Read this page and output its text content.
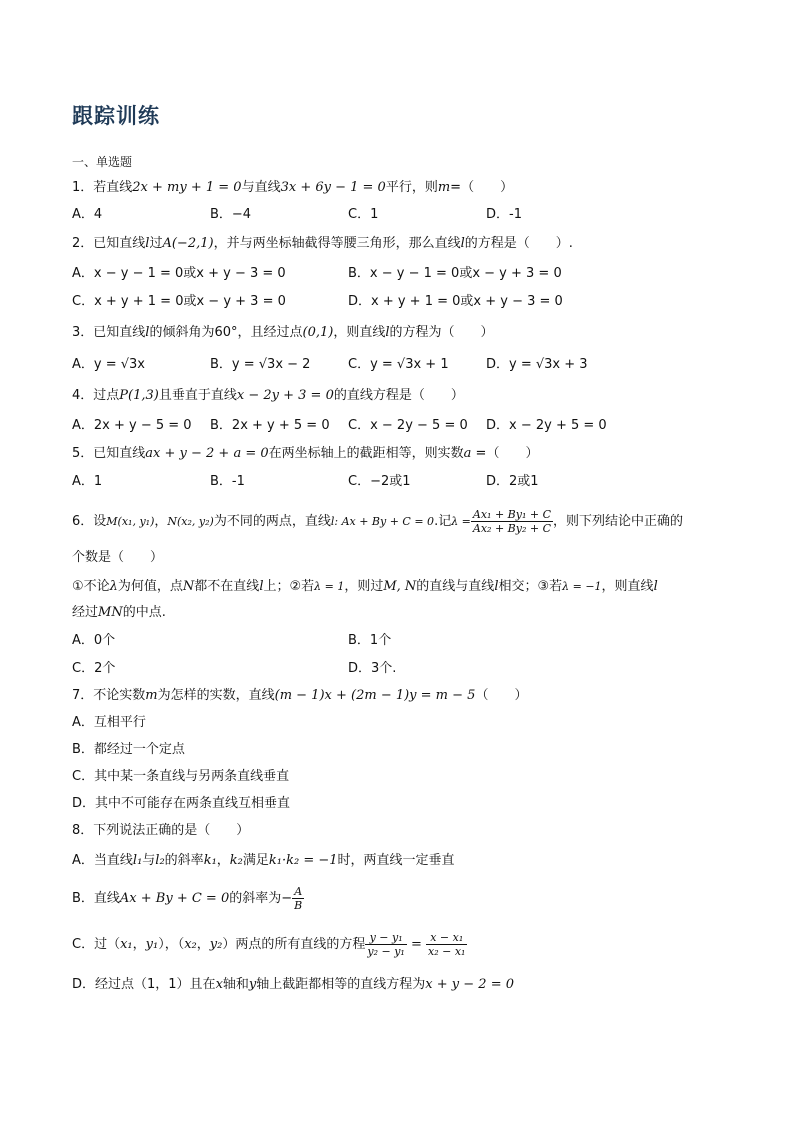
跟踪训练
一、单选题
1．若直线2x + my + 1 = 0与直线3x + 6y − 1 = 0平行，则m=（　　）
A．4	B．−4	C．1	D．-1
2．已知直线l过A(−2,1)，并与两坐标轴截得等腰三角形，那么直线l的方程是（　　）.
A．x − y − 1 = 0或x + y − 3 = 0	B．x − y − 1 = 0或x − y + 3 = 0
C．x + y + 1 = 0或x − y + 3 = 0	D．x + y + 1 = 0或x + y − 3 = 0
3．已知直线l的倾斜角为60°，且经过点(0,1)，则直线l的方程为（　　）
A．y = √3x	B．y = √3x − 2	C．y = √3x + 1	D．y = √3x + 3
4．过点P(1,3)且垂直于直线x − 2y + 3 = 0的直线方程是（　　）
A．2x + y − 5 = 0 B．2x + y + 5 = 0 C．x − 2y − 5 = 0 D．x − 2y + 5 = 0
5．已知直线ax + y − 2 + a = 0在两坐标轴上的截距相等，则实数a =（　　）
A．1	B．-1	C．−2或1	D．2或1
6．设M(x₁, y₁)，N(x₂, y₂)为不同的两点，直线l: Ax + By + C = 0.记$\lambda = \frac{\text{Ax₁ + By₁ + C}}{\text{Ax₂ + By₂ + C}}$ ，则下列结论中正确的
个数是（　　）
①不论λ为何值，点N都不在直线l上；②若λ = 1，则过M, N的直线与直线l相交；③若λ = −1，则直线l
经过MN的中点.
A．0个	B．1个
C．2个	D．3个.
7．不论实数m为怎样的实数，直线(m − 1)x + (2m − 1)y = m − 5（　　）
A．互相平行
B．都经过一个定点
C．其中某一条直线与另两条直线垂直
D．其中不可能存在两条直线互相垂直
8．下列说法正确的是（　　）
A．当直线l₁与l₂的斜率k₁，k₂满足k₁·k₂ = −1时，两直线一定垂直
B．直线Ax + By + C = 0的斜率为− $\frac{A}{B}$
C．过（x₁，y₁），（x₂，y₂）两点的所有直线的方程 $\frac{\text{y − y₁}}{\text{y₂ − y₁}} = \frac{\text{x − x₁}}{\text{x₂ − x₁}}$
D．经过点（1，1）且在x轴和y轴上截距都相等的直线方程为x + y − 2 = 0
